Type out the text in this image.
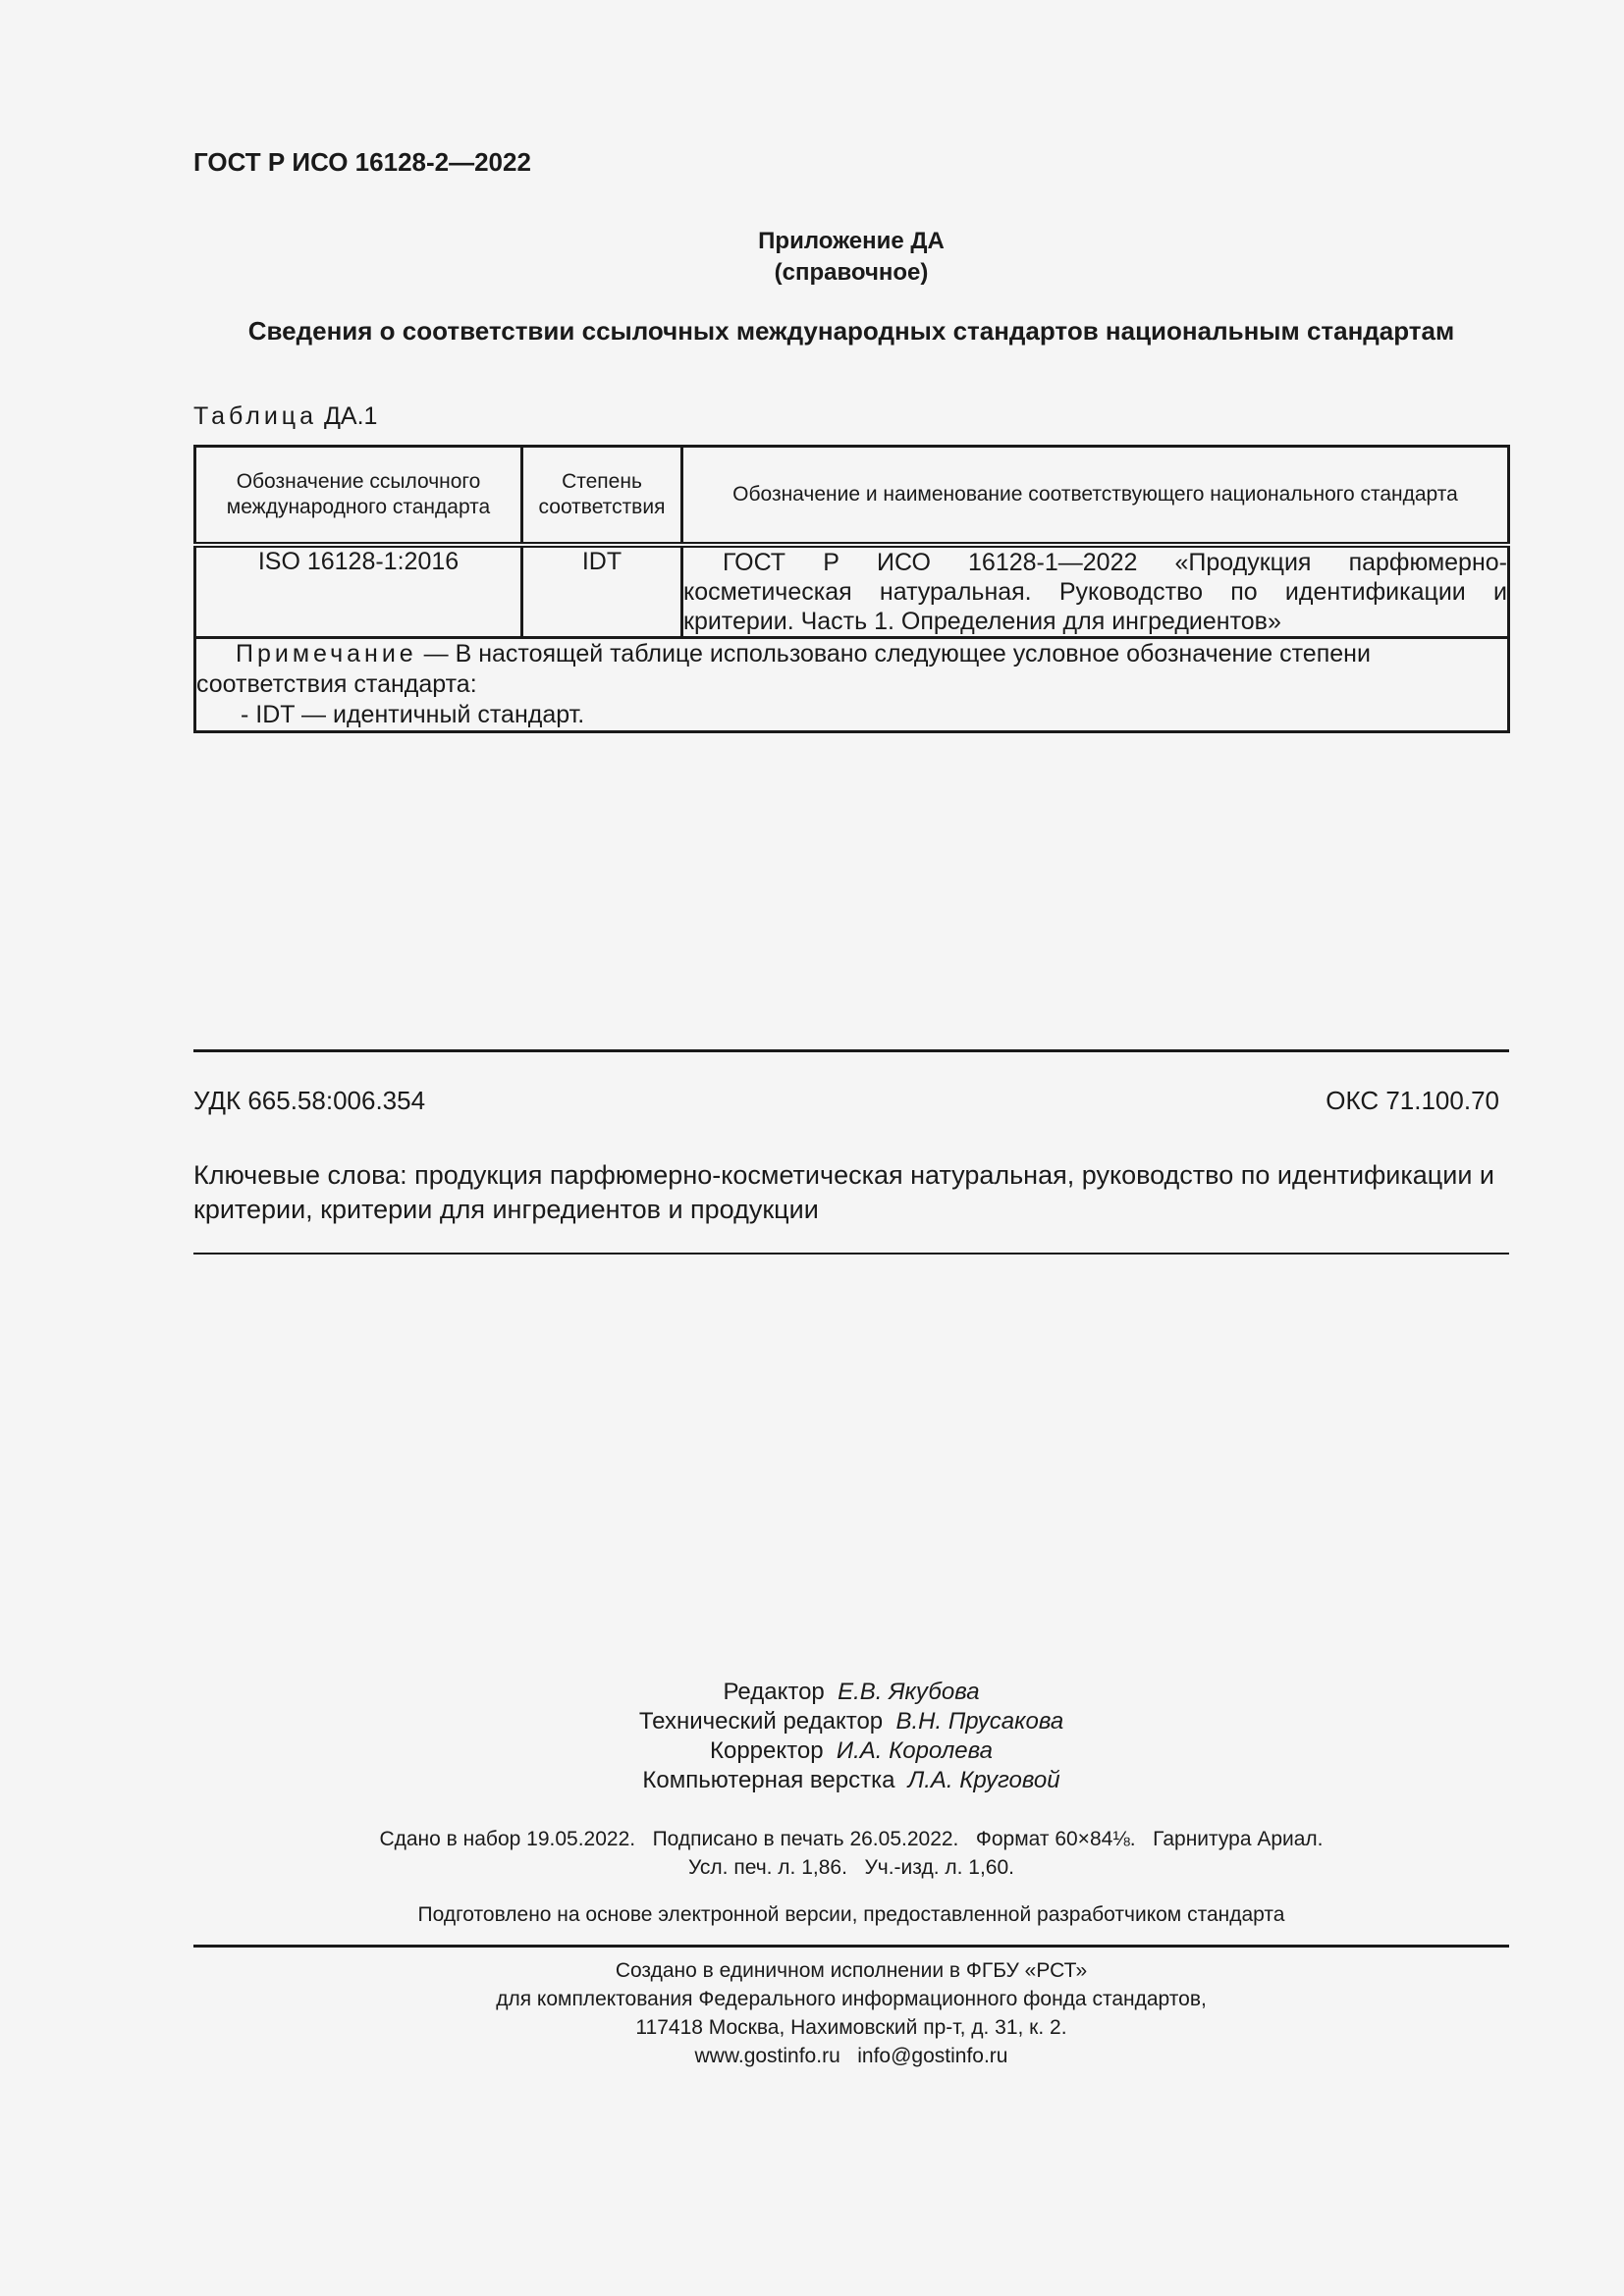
ГОСТ Р ИСО 16128-2—2022
Приложение ДА
(справочное)
Сведения о соответствии ссылочных международных стандартов национальным стандартам
Таблица ДА.1
Обозначение ссылочного международного стандарта	Степень соответствия	Обозначение и наименование соответствующего национального стандарта
ISO 16128-1:2016	IDT	ГОСТ Р ИСО 16128-1—2022 «Продукция парфюмерно-косметическая натуральная. Руководство по идентификации и критерии. Часть 1. Определения для ингредиентов»

Примечание — В настоящей таблице использовано следующее условное обозначение степени соответствия стандарта:
- IDT — идентичный стандарт.		
УДК 665.58:006.354	ОКС 71.100.70
Ключевые слова: продукция парфюмерно-косметическая натуральная, руководство по идентификации и критерии, критерии для ингредиентов и продукции
Редактор Е.В. Якубова
Технический редактор В.Н. Прусакова
Корректор И.А. Королева
Компьютерная верстка Л.А. Круговой
Сдано в набор 19.05.2022.   Подписано в печать 26.05.2022.   Формат 60×84⅛.   Гарнитура Ариал.
Усл. печ. л. 1,86.   Уч.-изд. л. 1,60.
Подготовлено на основе электронной версии, предоставленной разработчиком стандарта
Создано в единичном исполнении в ФГБУ «РСТ»
для комплектования Федерального информационного фонда стандартов,
117418 Москва, Нахимовский пр-т, д. 31, к. 2.
www.gostinfo.ru   info@gostinfo.ru
